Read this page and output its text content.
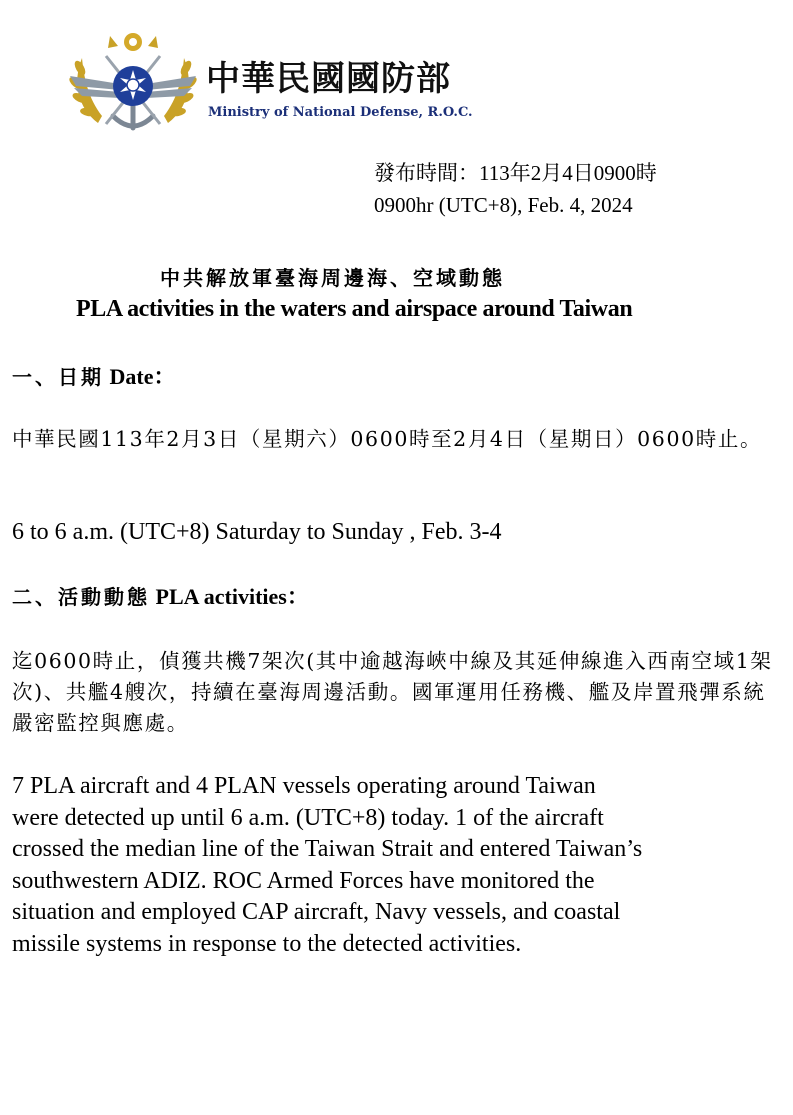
中華民國國防部
Ministry of National Defense, R.O.C.
發布時間：113年2月4日0900時
0900hr (UTC+8), Feb. 4, 2024
中共解放軍臺海周邊海、空域動態
PLA activities in the waters and airspace around Taiwan
一、日期 Date：
中華民國113年2月3日（星期六）0600時至2月4日（星期日）0600時止。
6 to 6 a.m. (UTC+8) Saturday to Sunday , Feb. 3-4
二、活動動態 PLA activities：
迄0600時止，偵獲共機7架次(其中逾越海峽中線及其延伸線進入西南空域1架次)、共艦4艘次，持續在臺海周邊活動。國軍運用任務機、艦及岸置飛彈系統嚴密監控與應處。
7 PLA aircraft and 4 PLAN vessels operating around Taiwan
were detected up until 6 a.m. (UTC+8) today. 1 of the aircraft
crossed the median line of the Taiwan Strait and entered Taiwan’s
southwestern ADIZ. ROC Armed Forces have monitored the
situation and employed CAP aircraft, Navy vessels, and coastal
missile systems in response to the detected activities.
